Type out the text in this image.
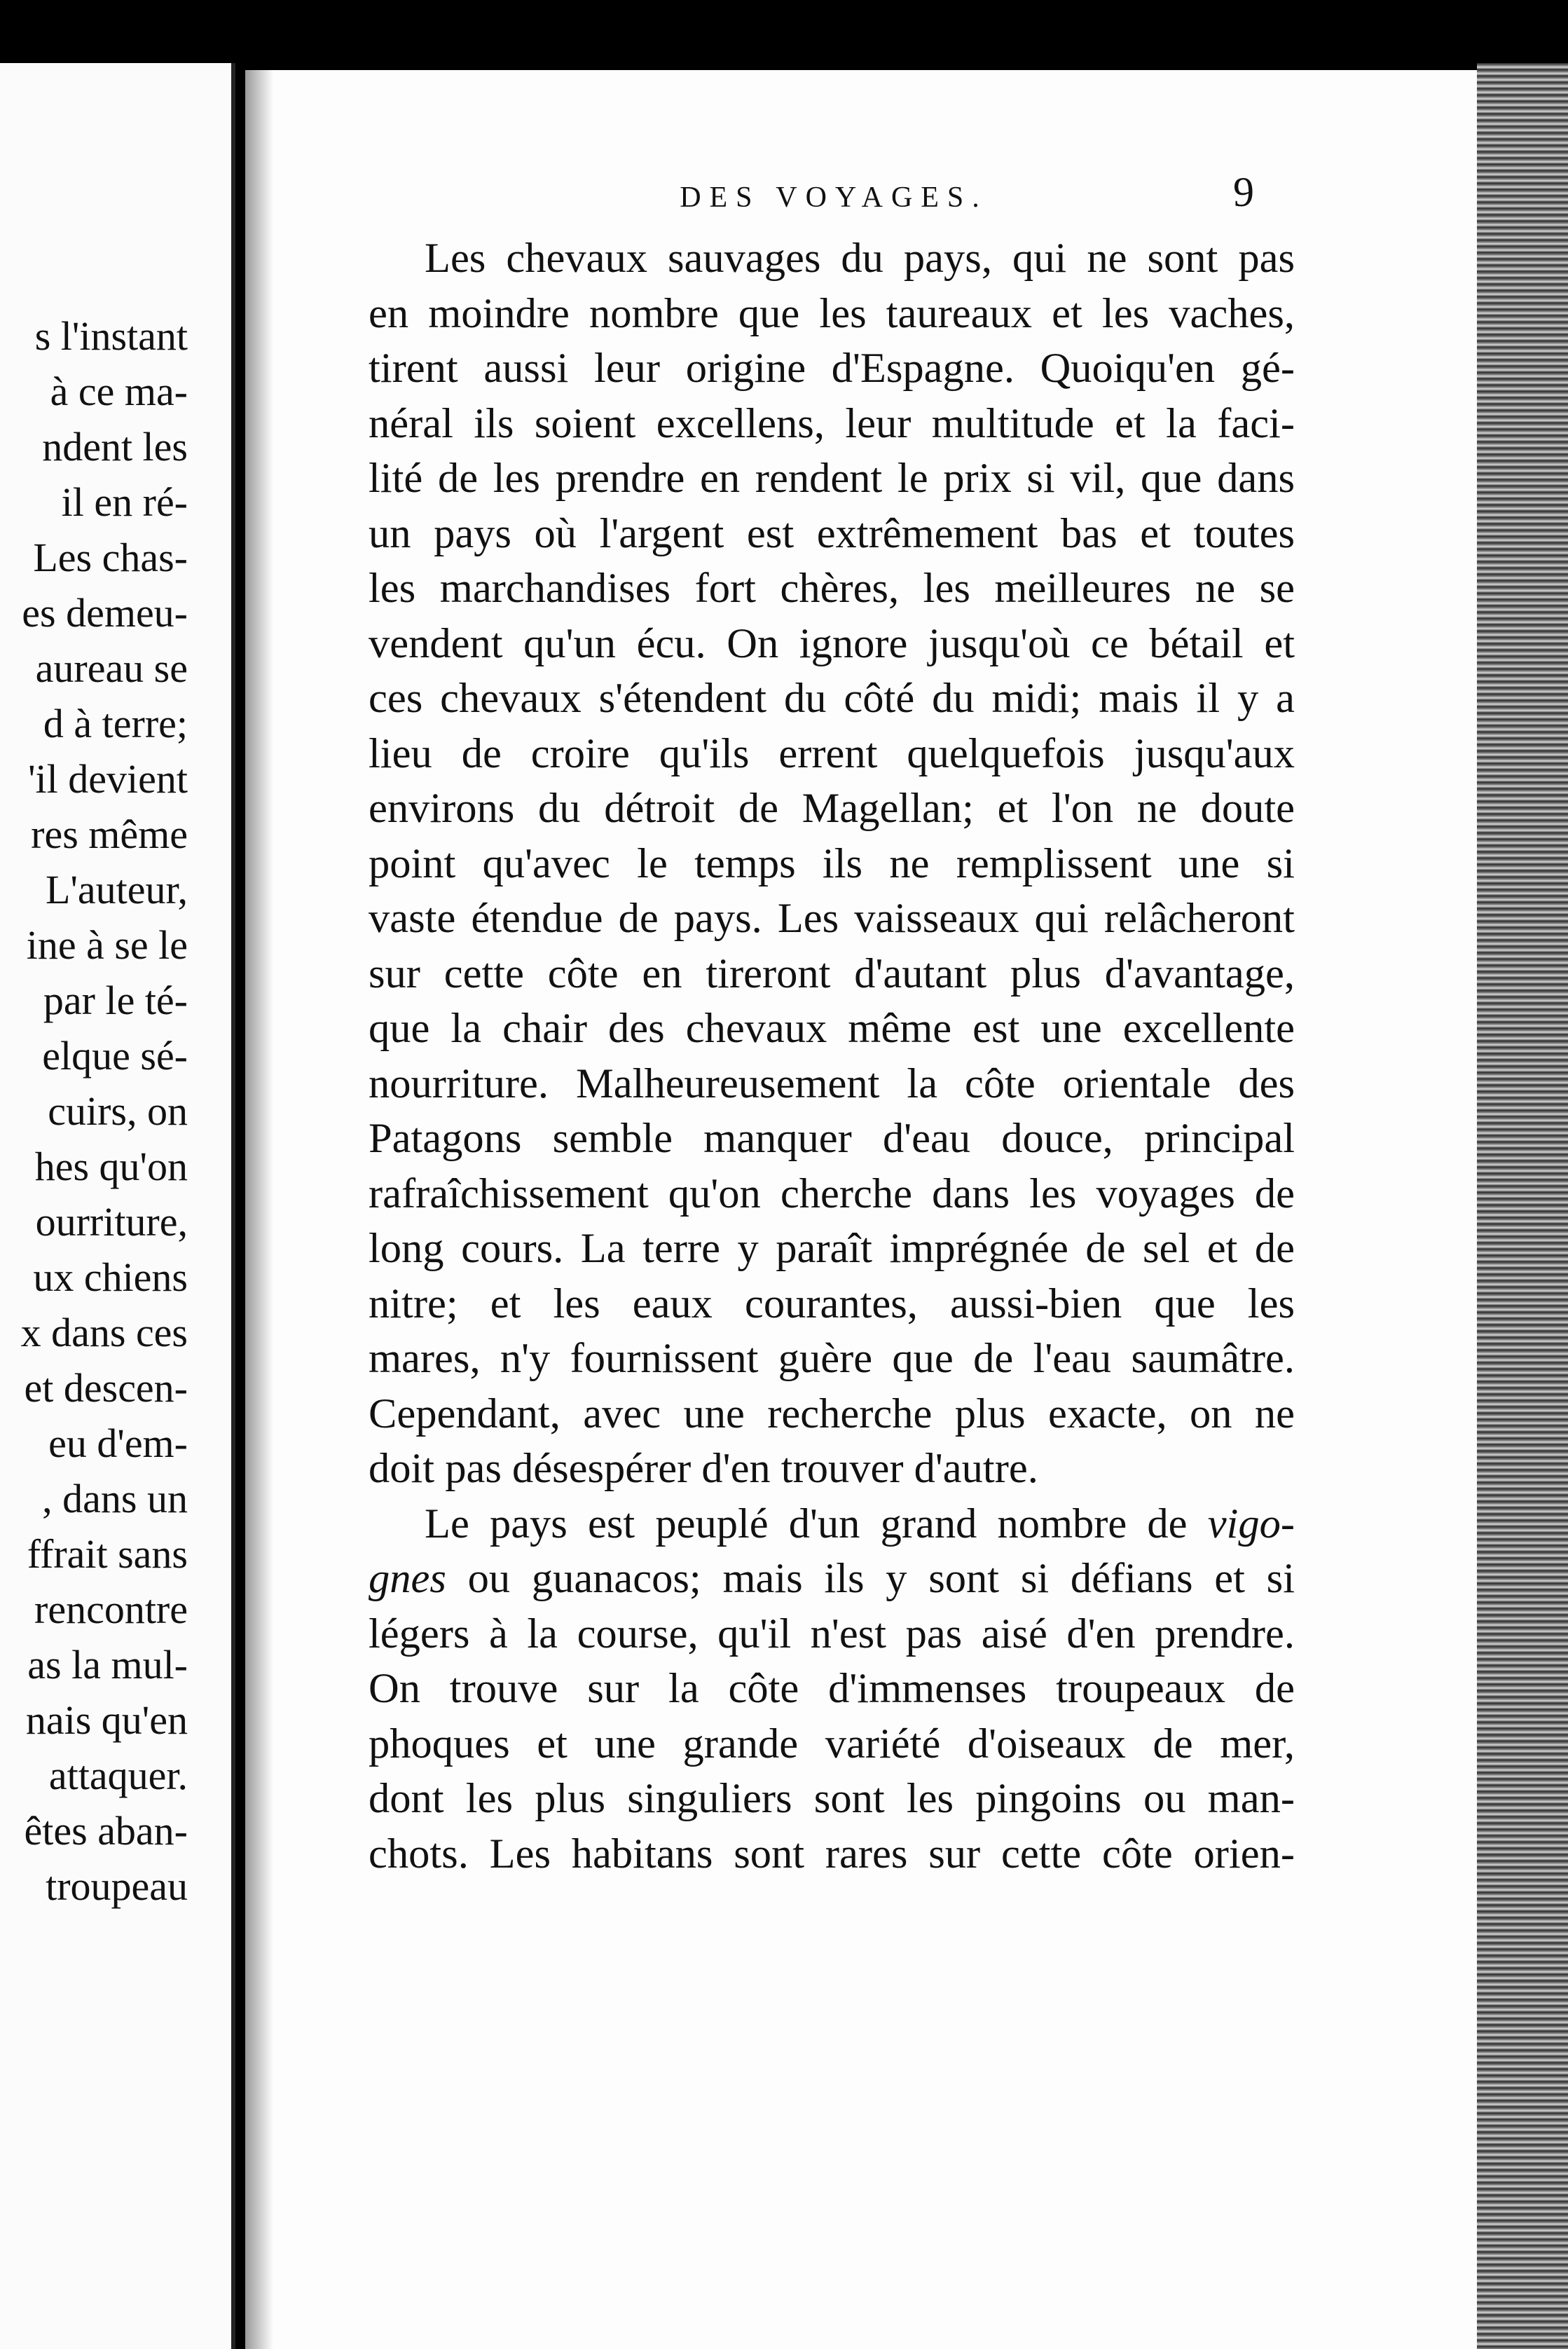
s l'instant
à ce ma-
ndent les
il en ré-
Les chas-
es demeu-
aureau se
d à terre;
'il devient
res même
L'auteur,
ine à se le
par le té-
elque sé-
cuirs, on
hes qu'on
ourriture,
ux chiens
x dans ces
et descen-
eu d'em-
, dans un
ffrait sans
rencontre
as la mul-
nais qu'en
attaquer.
êtes aban-
troupeau
DES VOYAGES.	9
Les chevaux sauvages du pays, qui ne sont pas
en moindre nombre que les taureaux et les vaches,
tirent aussi leur origine d'Espagne. Quoiqu'en gé-
néral ils soient excellens, leur multitude et la faci-
lité de les prendre en rendent le prix si vil, que dans
un pays où l'argent est extrêmement bas et toutes
les marchandises fort chères, les meilleures ne se
vendent qu'un écu. On ignore jusqu'où ce bétail et
ces chevaux s'étendent du côté du midi; mais il y a
lieu de croire qu'ils errent quelquefois jusqu'aux
environs du détroit de Magellan; et l'on ne doute
point qu'avec le temps ils ne remplissent une si
vaste étendue de pays. Les vaisseaux qui relâcheront
sur cette côte en tireront d'autant plus d'avantage,
que la chair des chevaux même est une excellente
nourriture. Malheureusement la côte orientale des
Patagons semble manquer d'eau douce, principal
rafraîchissement qu'on cherche dans les voyages de
long cours. La terre y paraît imprégnée de sel et de
nitre; et les eaux courantes, aussi-bien que les
mares, n'y fournissent guère que de l'eau saumâtre.
Cependant, avec une recherche plus exacte, on ne
doit pas désespérer d'en trouver d'autre.
Le pays est peuplé d'un grand nombre de vigo-
gnes ou guanacos; mais ils y sont si défians et si
légers à la course, qu'il n'est pas aisé d'en prendre.
On trouve sur la côte d'immenses troupeaux de
phoques et une grande variété d'oiseaux de mer,
dont les plus singuliers sont les pingoins ou man-
chots. Les habitans sont rares sur cette côte orien-
